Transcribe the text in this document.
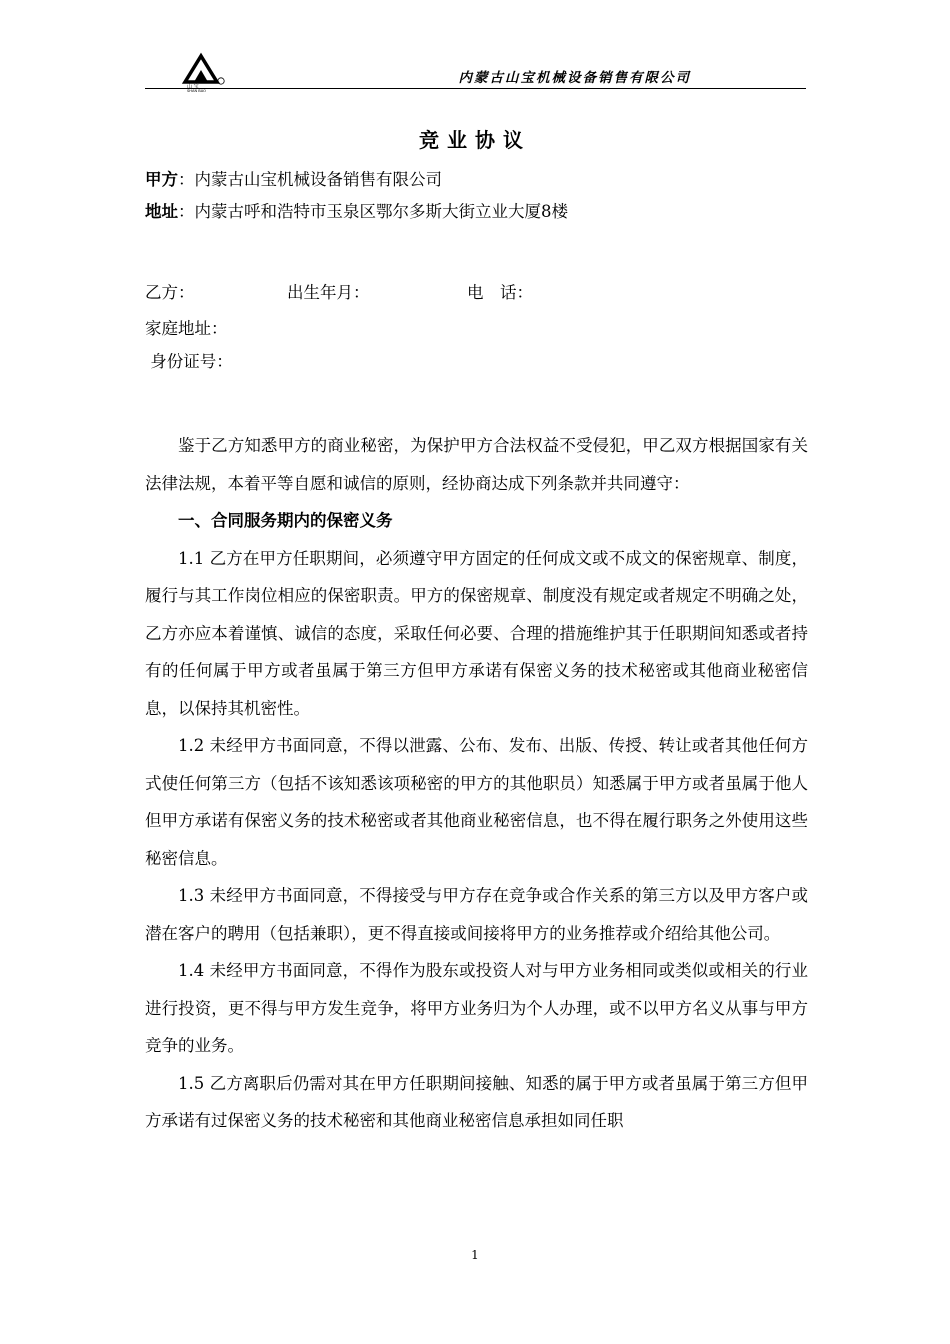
山 宝
SHAN BAO
内蒙古山宝机械设备销售有限公司
竞业协议
甲方：内蒙古山宝机械设备销售有限公司
地址：内蒙古呼和浩特市玉泉区鄂尔多斯大街立业大厦8楼
乙方：	出生年月：	电　话：
家庭地址：
身份证号：

鉴于乙方知悉甲方的商业秘密，为保护甲方合法权益不受侵犯，甲乙双方根据国家有关法律法规，本着平等自愿和诚信的原则，经协商达成下列条款并共同遵守：

一、合同服务期内的保密义务

1.1 乙方在甲方任职期间，必须遵守甲方固定的任何成文或不成文的保密规章、制度，履行与其工作岗位相应的保密职责。甲方的保密规章、制度没有规定或者规定不明确之处，乙方亦应本着谨慎、诚信的态度，采取任何必要、合理的措施维护其于任职期间知悉或者持有的任何属于甲方或者虽属于第三方但甲方承诺有保密义务的技术秘密或其他商业秘密信息，以保持其机密性。

1.2 未经甲方书面同意，不得以泄露、公布、发布、出版、传授、转让或者其他任何方式使任何第三方（包括不该知悉该项秘密的甲方的其他职员）知悉属于甲方或者虽属于他人但甲方承诺有保密义务的技术秘密或者其他商业秘密信息，也不得在履行职务之外使用这些秘密信息。

1.3 未经甲方书面同意，不得接受与甲方存在竞争或合作关系的第三方以及甲方客户或潜在客户的聘用（包括兼职），更不得直接或间接将甲方的业务推荐或介绍给其他公司。

1.4 未经甲方书面同意，不得作为股东或投资人对与甲方业务相同或类似或相关的行业进行投资，更不得与甲方发生竞争，将甲方业务归为个人办理，或不以甲方名义从事与甲方竞争的业务。

1.5 乙方离职后仍需对其在甲方任职期间接触、知悉的属于甲方或者虽属于第三方但甲方承诺有过保密义务的技术秘密和其他商业秘密信息承担如同任职

1
